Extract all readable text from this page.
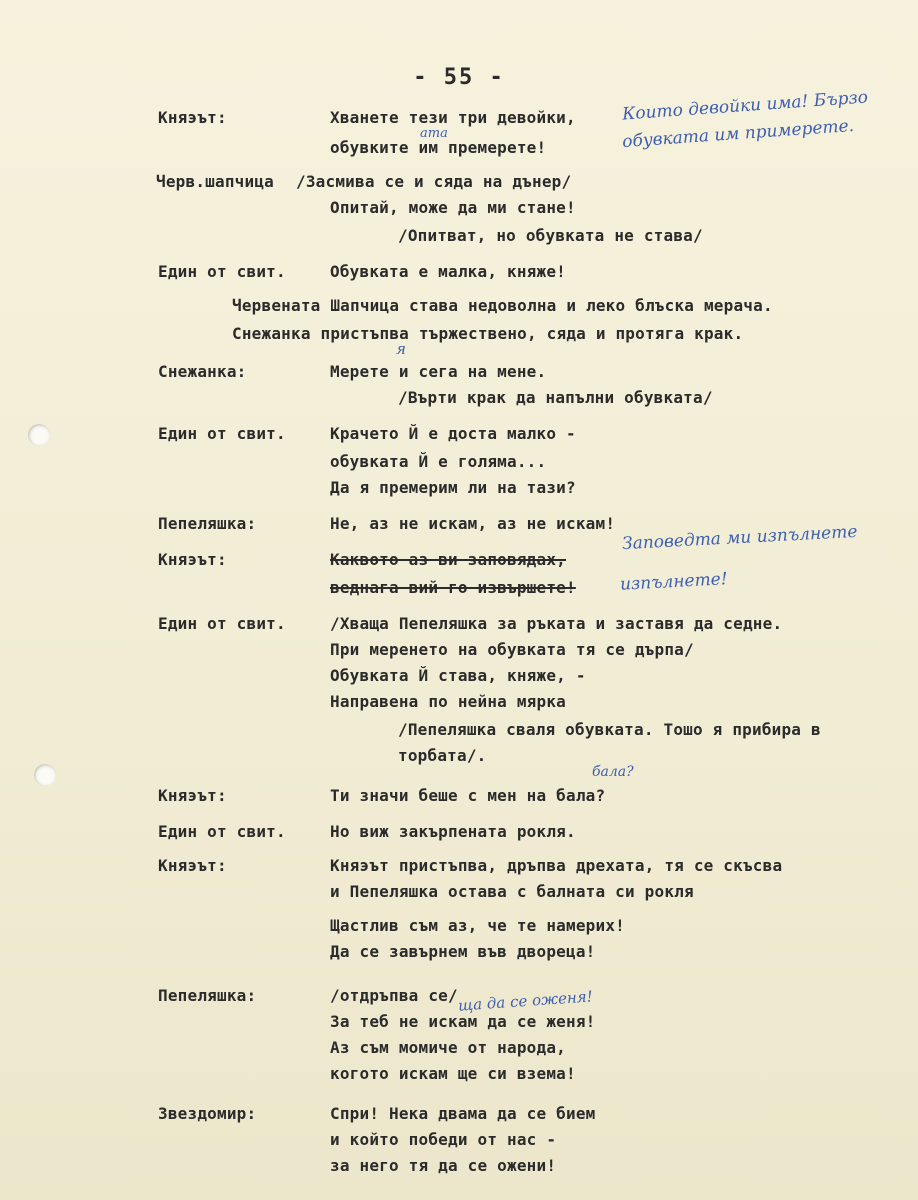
- 55 -
Княэът:	Хванете тези три девойки,
обувките им премерете!
Черв.шапчица /Засмива се и сяда на дънер/
Опитай, може да ми стане!
/Опитват, но обувката не става/
Един от свит.	Обувката е малка, княже!
Червената Шапчица става недоволна и леко блъска мерача.
Снежанка пристъпва тържествено, сяда и протяга крак.
Снежанка:	Мерете и сега на мене.
/Върти крак да напълни обувката/
Един от свит.	Крачето Й е доста малко -
обувката Й е голяма...
Да я премерим ли на тази?
Пепеляшка:	Не, аз не искам, аз не искам!
Княэът:	Каквото аз ви заповядах,
веднага вий го извършете!
Един от свит.	/Хваща Пепеляшка за ръката и заставя да седне.
При мерeнето на обувката тя се дърпа/
Обувката Й става, княже, -
Направена по нейна мярка
/Пепеляшка сваля обувката. Тошо я прибира в
торбата/.
Княэът:	Ти значи беше с мен на бала?
Един от свит.	Но виж закърпената рокля.
Княэът:	Княэът пристъпва, дръпва дрехата, тя се скъсва
и Пепеляшка остава с балната си рокля
Щастлив съм аз, че те намерих!
Да се завърнем във двореца!
Пепеляшка:	/отдръпва се/
За теб не искам да се женя!
Аз съм момиче от народа,
когото искам ще си взема!
Звездомир:	Спри! Нека двама да се бием
и който победи от нас -
за него тя да се ожени!
Които девойки има! Бързо
обувката им примерете.
ата
я
Заповедта ми изпълнете
изпълнете!
бала?
ща да се оженя!
